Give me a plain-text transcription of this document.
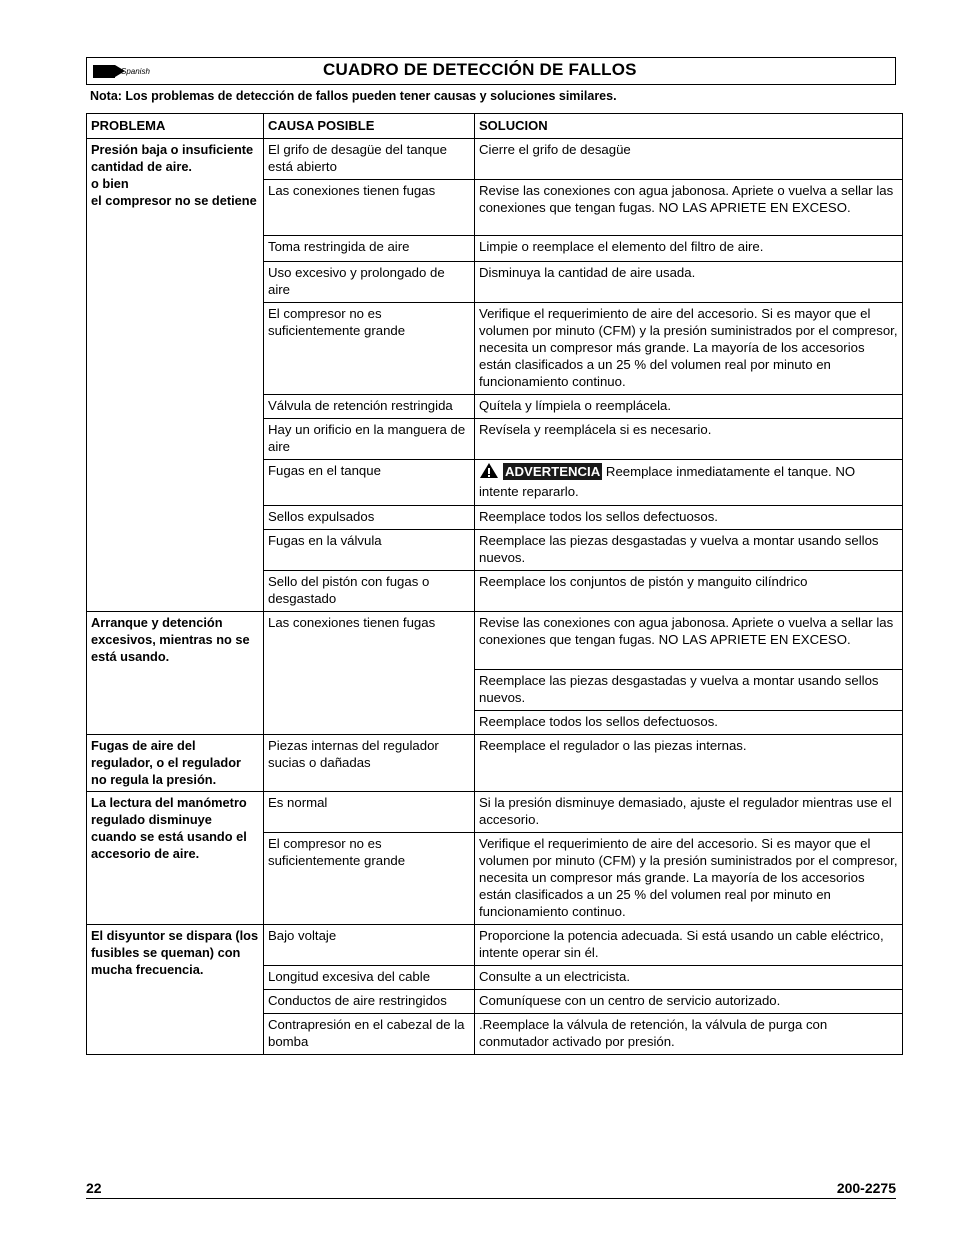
Spanish	CUADRO DE DETECCIÓN DE FALLOS
Nota: Los problemas de detección de fallos pueden tener causas y soluciones similares.
PROBLEMA	CAUSA POSIBLE	SOLUCION
Presión baja o insuficiente cantidad de aire.
o bien
el compresor no se detiene	El grifo de desagüe del tanque está abierto	Cierre el grifo de desagüe
	Las conexiones tienen fugas	Revise las conexiones con agua jabonosa. Apriete o vuelva a sellar las conexiones que tengan fugas. NO LAS APRIETE EN EXCESO.
	Toma restringida de aire	Limpie o reemplace el elemento del filtro de aire.
	Uso excesivo y prolongado de aire	Disminuya la cantidad de aire usada.
	El compresor no es suficientemente grande	Verifique el requerimiento de aire del accesorio. Si es mayor que el volumen por minuto (CFM) y la presión suministrados por el compresor, necesita un compresor más grande. La mayoría de los accesorios están clasificados a un 25 % del volumen real por minuto en funcionamiento continuo.
	Válvula de retención restringida	Quítela y límpiela o reemplácela.
	Hay un orificio en la manguera de aire	Revísela y reemplácela si es necesario.
	Fugas en el tanque	ADVERTENCIA Reemplace inmediatamente el tanque. NO intente repararlo.
	Sellos expulsados	Reemplace todos los sellos defectuosos.
	Fugas en la válvula	Reemplace las piezas desgastadas y vuelva a montar usando sellos nuevos.
	Sello del pistón con fugas o desgastado	Reemplace los conjuntos de pistón y manguito cilíndrico
Arranque y detención excesivos, mientras no se está usando.	Las conexiones tienen fugas	Revise las conexiones con agua jabonosa. Apriete o vuelva a sellar las conexiones que tengan fugas. NO LAS APRIETE EN EXCESO.
		Reemplace las piezas desgastadas y vuelva a montar usando sellos nuevos.
		Reemplace todos los sellos defectuosos.
Fugas de aire del regulador, o el regulador no regula la presión.	Piezas internas del regulador sucias o dañadas	Reemplace el regulador o las piezas internas.
La lectura del manómetro regulado disminuye cuando se está usando el accesorio de aire.	Es normal	Si la presión disminuye demasiado, ajuste el regulador mientras use el accesorio.
	El compresor no es suficientemente grande	Verifique el requerimiento de aire del accesorio. Si es mayor que el volumen por minuto (CFM) y la presión suministrados por el compresor, necesita un compresor más grande. La mayoría de los accesorios están clasificados a un 25 % del volumen real por minuto en funcionamiento continuo.
El disyuntor se dispara (los fusibles se queman) con mucha frecuencia.	Bajo voltaje	Proporcione la potencia adecuada. Si está usando un cable eléctrico, intente operar sin él.
	Longitud excesiva del cable	Consulte a un electricista.
	Conductos de aire restringidos	Comuníquese con un centro de servicio autorizado.
	Contrapresión en el cabezal de la bomba	.Reemplace la válvula de retención, la válvula de purga con conmutador activado por presión.
22	200-2275
